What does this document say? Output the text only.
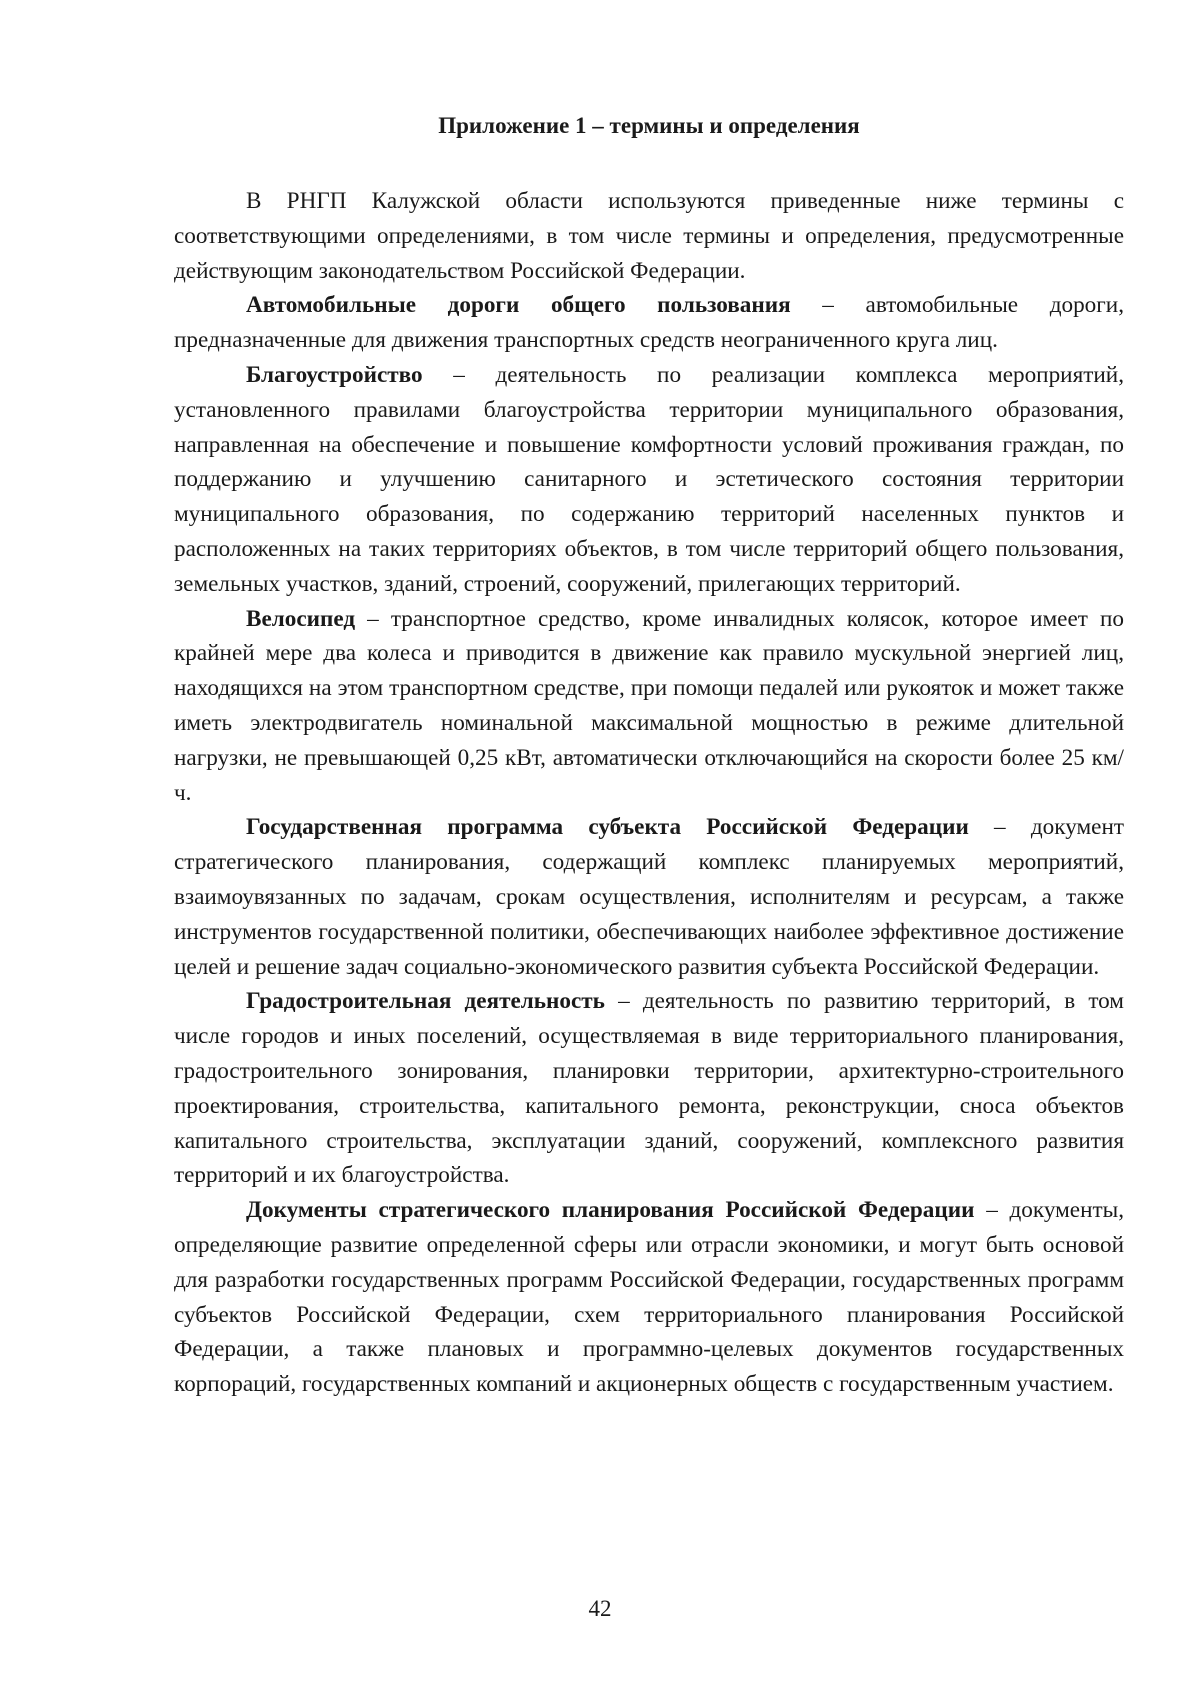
Приложение 1 – термины и определения

В РНГП Калужской области используются приведенные ниже термины с соответствующими определениями, в том числе термины и определения, предусмотренные действующим законодательством Российской Федерации.

Автомобильные дороги общего пользования – автомобильные дороги, предназначенные для движения транспортных средств неограниченного круга лиц.

Благоустройство – деятельность по реализации комплекса мероприятий, установленного правилами благоустройства территории муниципального образования, направленная на обеспечение и повышение комфортности условий проживания граждан, по поддержанию и улучшению санитарного и эстетического состояния территории муниципального образования, по содержанию территорий населенных пунктов и расположенных на таких территориях объектов, в том числе территорий общего пользования, земельных участков, зданий, строений, сооружений, прилегающих территорий.

Велосипед – транспортное средство, кроме инвалидных колясок, которое имеет по крайней мере два колеса и приводится в движение как правило мускульной энергией лиц, находящихся на этом транспортном средстве, при помощи педалей или рукояток и может также иметь электродвигатель номинальной максимальной мощностью в режиме длительной нагрузки, не превышающей 0,25 кВт, автоматически отключающийся на скорости более 25 км/ч.

Государственная программа субъекта Российской Федерации – документ стратегического планирования, содержащий комплекс планируемых мероприятий, взаимоувязанных по задачам, срокам осуществления, исполнителям и ресурсам, а также инструментов государственной политики, обеспечивающих наиболее эффективное достижение целей и решение задач социально-экономического развития субъекта Российской Федерации.

Градостроительная деятельность – деятельность по развитию территорий, в том числе городов и иных поселений, осуществляемая в виде территориального планирования, градостроительного зонирования, планировки территории, архитектурно-строительного проектирования, строительства, капитального ремонта, реконструкции, сноса объектов капитального строительства, эксплуатации зданий, сооружений, комплексного развития территорий и их благоустройства.

Документы стратегического планирования Российской Федерации – документы, определяющие развитие определенной сферы или отрасли экономики, и могут быть основой для разработки государственных программ Российской Федерации, государственных программ субъектов Российской Федерации, схем территориального планирования Российской Федерации, а также плановых и программно-целевых документов государственных корпораций, государственных компаний и акционерных обществ с государственным участием.

42
